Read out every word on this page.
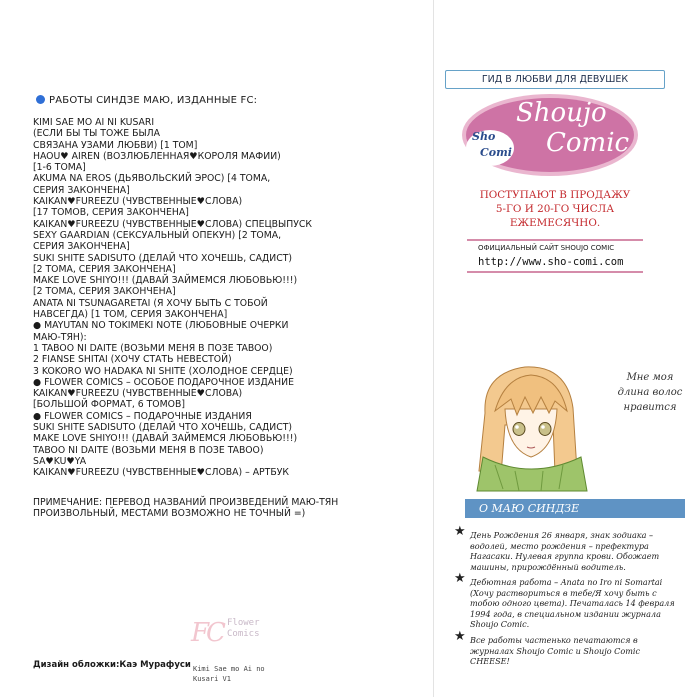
РАБОТЫ СИНДЗЕ МАЮ, ИЗДАННЫЕ FC:
KIMI SAE MO AI NI KUSARI
(ЕСЛИ БЫ ТЫ ТОЖЕ БЫЛА
СВЯЗАНА УЗАМИ ЛЮБВИ) [1 ТОМ]
HAOU♥ AIREN (ВОЗЛЮБЛЕННАЯ♥КОРОЛЯ МАФИИ)
[1-6 ТОМА]
AKUMA NA EROS (ДЬЯВОЛЬСКИЙ ЭРОС) [4 ТОМА,
СЕРИЯ ЗАКОНЧЕНА]
KAIKAN♥FUREEZU (ЧУВСТВЕННЫЕ♥СЛОВА)
[17 ТОМОВ, СЕРИЯ ЗАКОНЧЕНА]
KAIKAN♥FUREEZU (ЧУВСТВЕННЫЕ♥СЛОВА) СПЕЦВЫПУСК
SEXY GAARDIAN (СЕКСУАЛЬНЫЙ ОПЕКУН) [2 ТОМА,
СЕРИЯ ЗАКОНЧЕНА]
SUKI SHITE SADISUTO (ДЕЛАЙ ЧТО ХОЧЕШЬ, САДИСТ)
[2 ТОМА, СЕРИЯ ЗАКОНЧЕНА]
MAKE LOVE SHIYO!!! (ДАВАЙ ЗАЙМЕМСЯ ЛЮБОВЬЮ!!!)
[2 ТОМА, СЕРИЯ ЗАКОНЧЕНА]
ANATA NI TSUNAGARETAI (Я ХОЧУ БЫТЬ С ТОБОЙ
НАВСЕГДА) [1 ТОМ, СЕРИЯ ЗАКОНЧЕНА]
● MAYUTAN NO TOKIMEKI NOTE (ЛЮБОВНЫЕ ОЧЕРКИ
МАЮ-ТЯН):
1 TABOO NI DAITE (ВОЗЬМИ МЕНЯ В ПОЗЕ TABOO)
2 FIANSE SHITAI (ХОЧУ СТАТЬ НЕВЕСТОЙ)
3 KOKORO WO HADAKA NI SHITE (ХОЛОДНОЕ СЕРДЦЕ)
● FLOWER COMICS – ОСОБОЕ ПОДАРОЧНОЕ ИЗДАНИЕ
KAIKAN♥FUREEZU (ЧУВСТВЕННЫЕ♥СЛОВА)
[БОЛЬШОЙ ФОРМАТ, 6 ТОМОВ]
● FLOWER COMICS – ПОДАРОЧНЫЕ ИЗДАНИЯ
SUKI SHITE SADISUTO (ДЕЛАЙ ЧТО ХОЧЕШЬ, САДИСТ)
MAKE LOVE SHIYO!!! (ДАВАЙ ЗАЙМЕМСЯ ЛЮБОВЬЮ!!!)
TABOO NI DAITE (ВОЗЬМИ МЕНЯ В ПОЗЕ TABOO)
SA♥KU♥YA
KAIKAN♥FUREEZU (ЧУВСТВЕННЫЕ♥СЛОВА) – АРТБУК
ПРИМЕЧАНИЕ: ПЕРЕВОД НАЗВАНИЙ ПРОИЗВЕДЕНИЙ МАЮ-ТЯН ПРОИЗВОЛЬНЫЙ, МЕСТАМИ ВОЗМОЖНО НЕ ТОЧНЫЙ =)
Дизайн обложки:Каэ Мурафуси
FC Flower Comics
Kimi Sae mo Ai no Kusari V1
ГИД В ЛЮБВИ ДЛЯ ДЕВУШЕК
Shoujo
Comic
Sho
Comi
ПОСТУПАЮТ В ПРОДАЖУ
5-ГО И 20-ГО ЧИСЛА
ЕЖЕМЕСЯЧНО.
ОФИЦИАЛЬНЫЙ САЙТ SHOUJO COMIC
http://www.sho-comi.com
Мне моя длина волос нравится
О МАЮ СИНДЗЕ
★ День Рождения 26 января, знак зодиака – водолей, место рождения – префектура Нагасаки. Нулевая группа крови. Обожает машины, прирождённый водитель.
★ Дебютная работа – Anata no Iro ni Somartai (Хочу раствориться в тебе/Я хочу быть с тобою одного цвета). Печаталась 14 февраля 1994 года, в специальном издании журнала Shoujo Comic.
★ Все работы частенько печатаются в журналах Shoujo Comic и Shoujo Comic CHEESE!
